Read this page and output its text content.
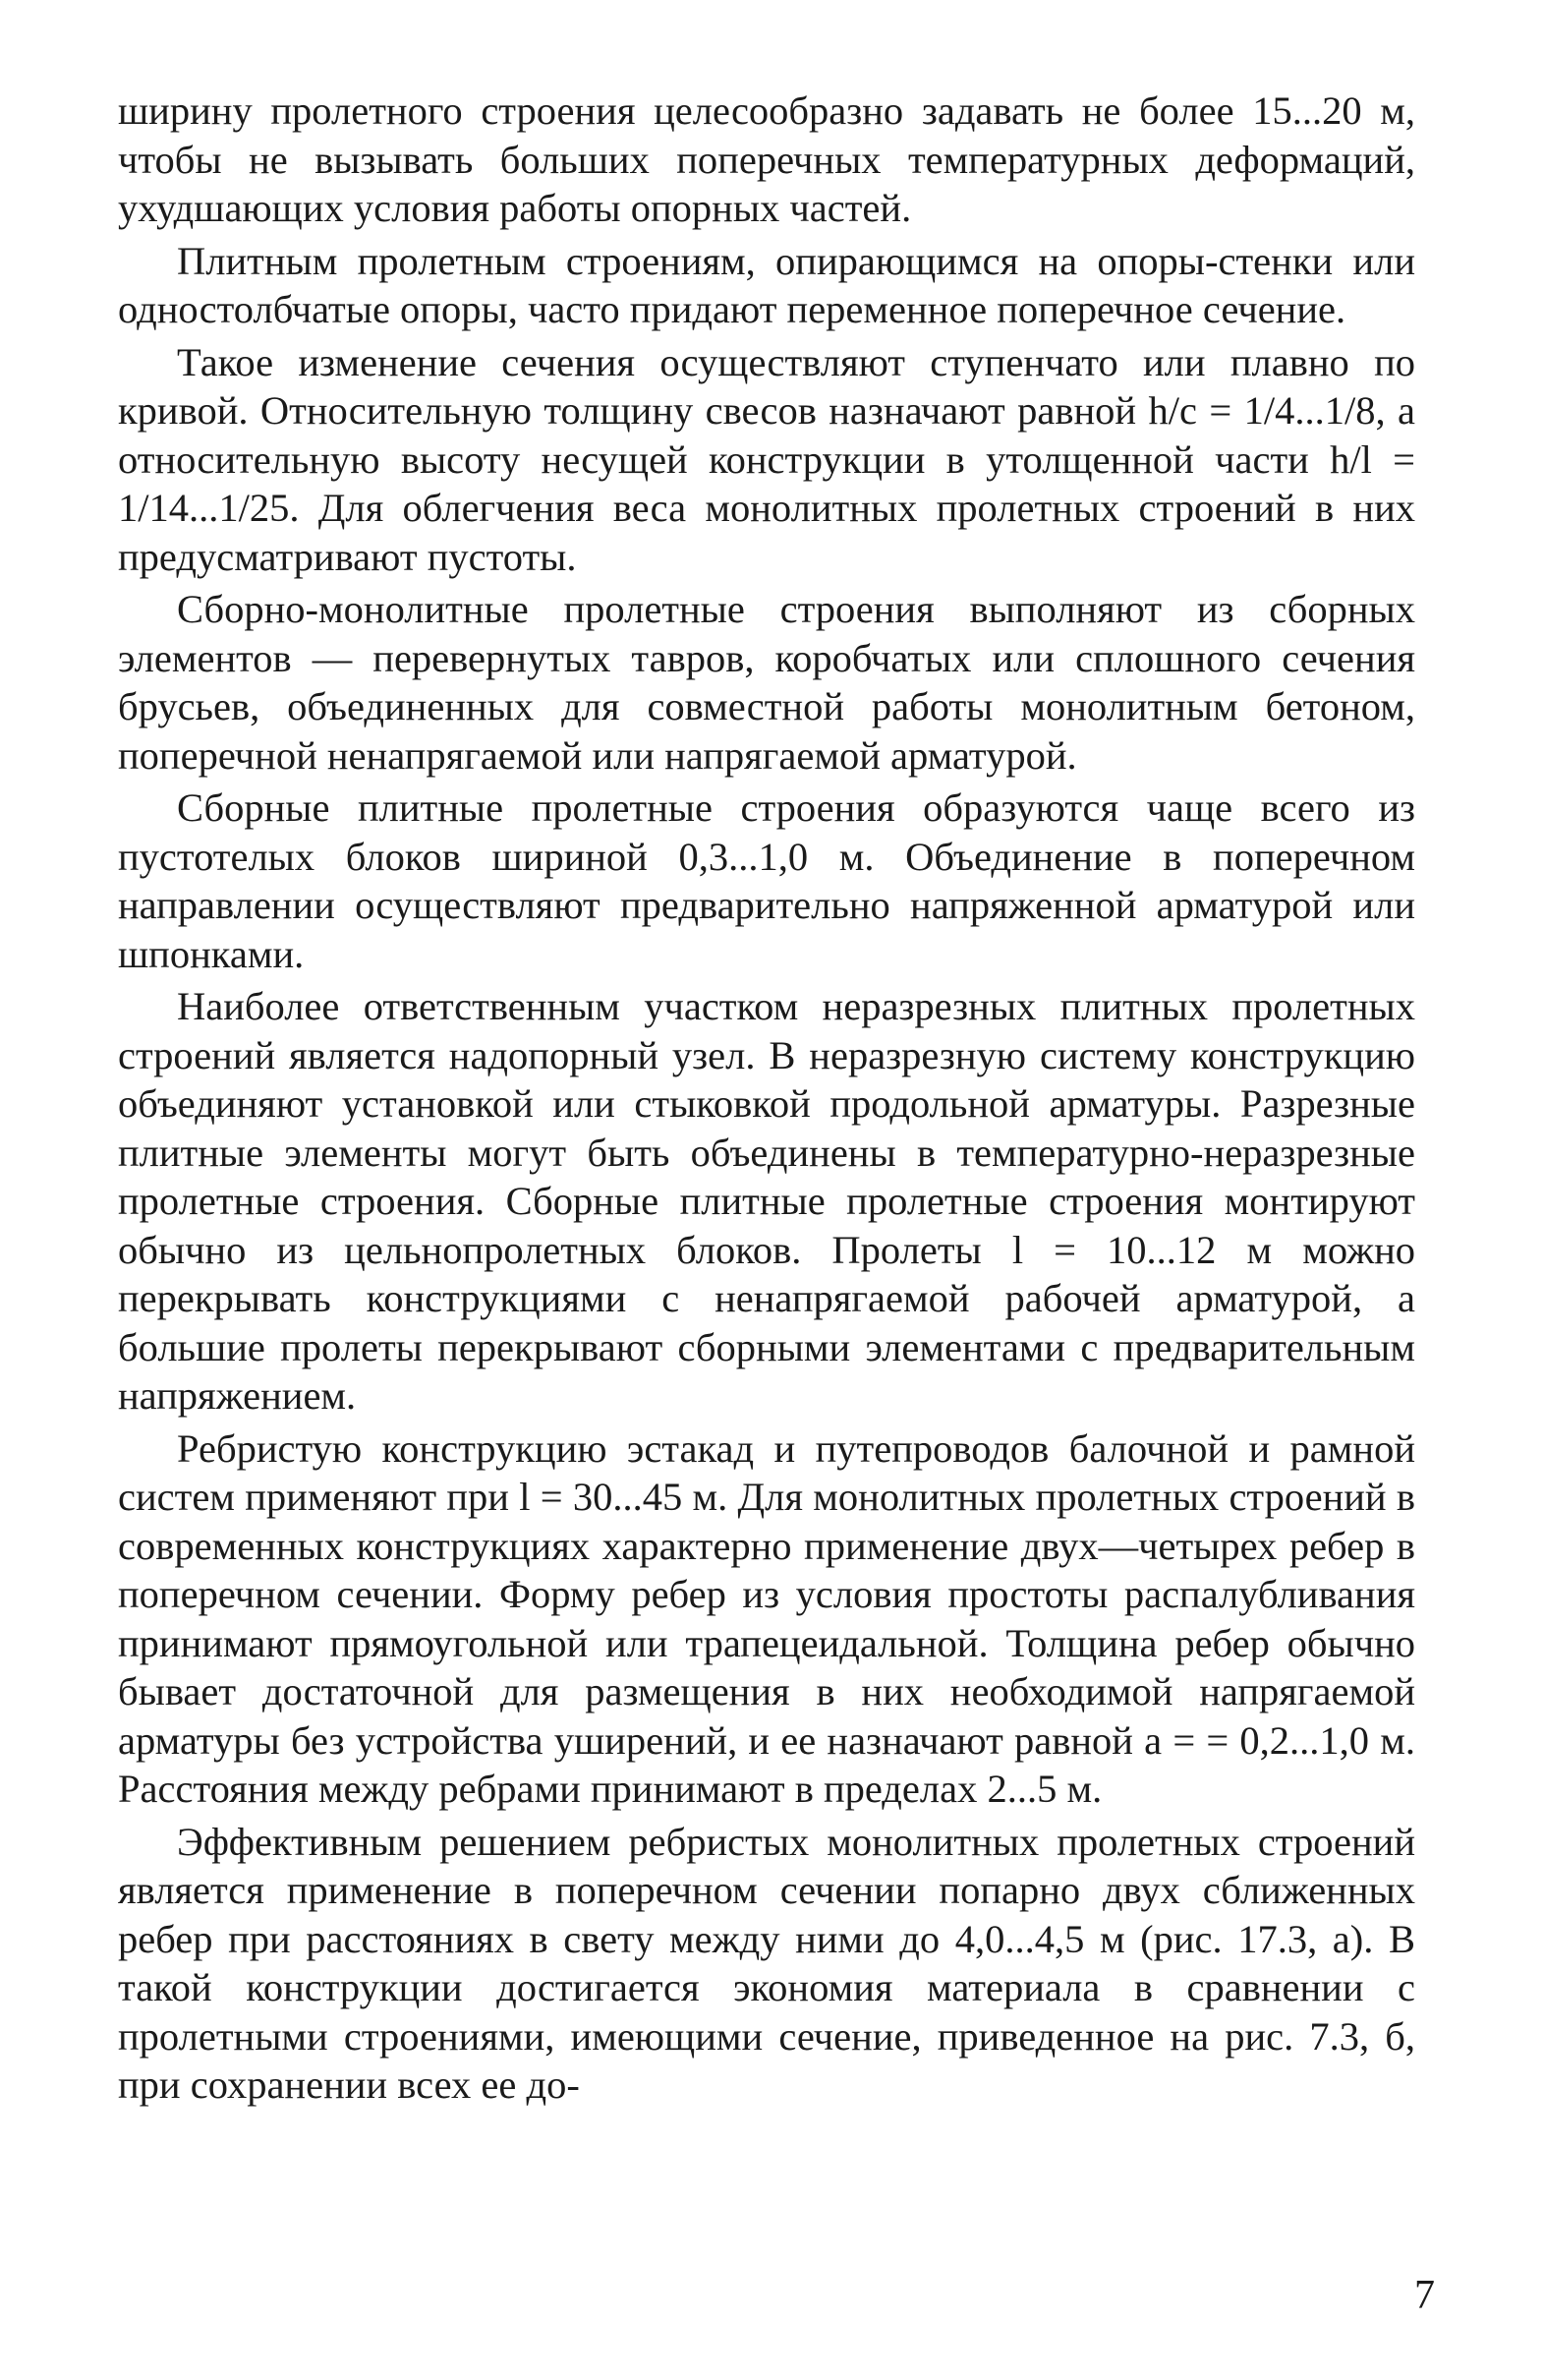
ширину пролетного строения целесообразно задавать не более 15...20 м, чтобы не вызывать больших поперечных температурных деформаций, ухудшающих условия работы опорных частей.

Плитным пролетным строениям, опирающимся на опоры-стенки или одностолбчатые опоры, часто придают переменное поперечное сечение.

Такое изменение сечения осуществляют ступенчато или плавно по кривой. Относительную толщину свесов назначают равной h/c = 1/4...1/8, а относительную высоту несущей конструкции в утолщенной части h/l = 1/14...1/25. Для облегчения веса монолитных пролетных строений в них предусматривают пустоты.

Сборно-монолитные пролетные строения выполняют из сборных элементов — перевернутых тавров, коробчатых или сплошного сечения брусьев, объединенных для совместной работы монолитным бетоном, поперечной ненапрягаемой или напрягаемой арматурой.

Сборные плитные пролетные строения образуются чаще всего из пустотелых блоков шириной 0,3...1,0 м. Объединение в поперечном направлении осуществляют предварительно напряженной арматурой или шпонками.

Наиболее ответственным участком неразрезных плитных пролетных строений является надопорный узел. В неразрезную систему конструкцию объединяют установкой или стыковкой продольной арматуры. Разрезные плитные элементы могут быть объединены в температурно-неразрезные пролетные строения. Сборные плитные пролетные строения монтируют обычно из цельнопролетных блоков. Пролеты l = 10...12 м можно перекрывать конструкциями с ненапрягаемой рабочей арматурой, а большие пролеты перекрывают сборными элементами с предварительным напряжением.

Ребристую конструкцию эстакад и путепроводов балочной и рамной систем применяют при l = 30...45 м. Для монолитных пролетных строений в современных конструкциях характерно применение двух—четырех ребер в поперечном сечении. Форму ребер из условия простоты распалубливания принимают прямоугольной или трапецеидальной. Толщина ребер обычно бывает достаточной для размещения в них необходимой напрягаемой арматуры без устройства уширений, и ее назначают равной a = = 0,2...1,0 м. Расстояния между ребрами принимают в пределах 2...5 м.

Эффективным решением ребристых монолитных пролетных строений является применение в поперечном сечении попарно двух сближенных ребер при расстояниях в свету между ними до 4,0...4,5 м (рис. 17.3, а). В такой конструкции достигается экономия материала в сравнении с пролетными строениями, имеющими сечение, приведенное на рис. 7.3, б, при сохранении всех ее до-

7
